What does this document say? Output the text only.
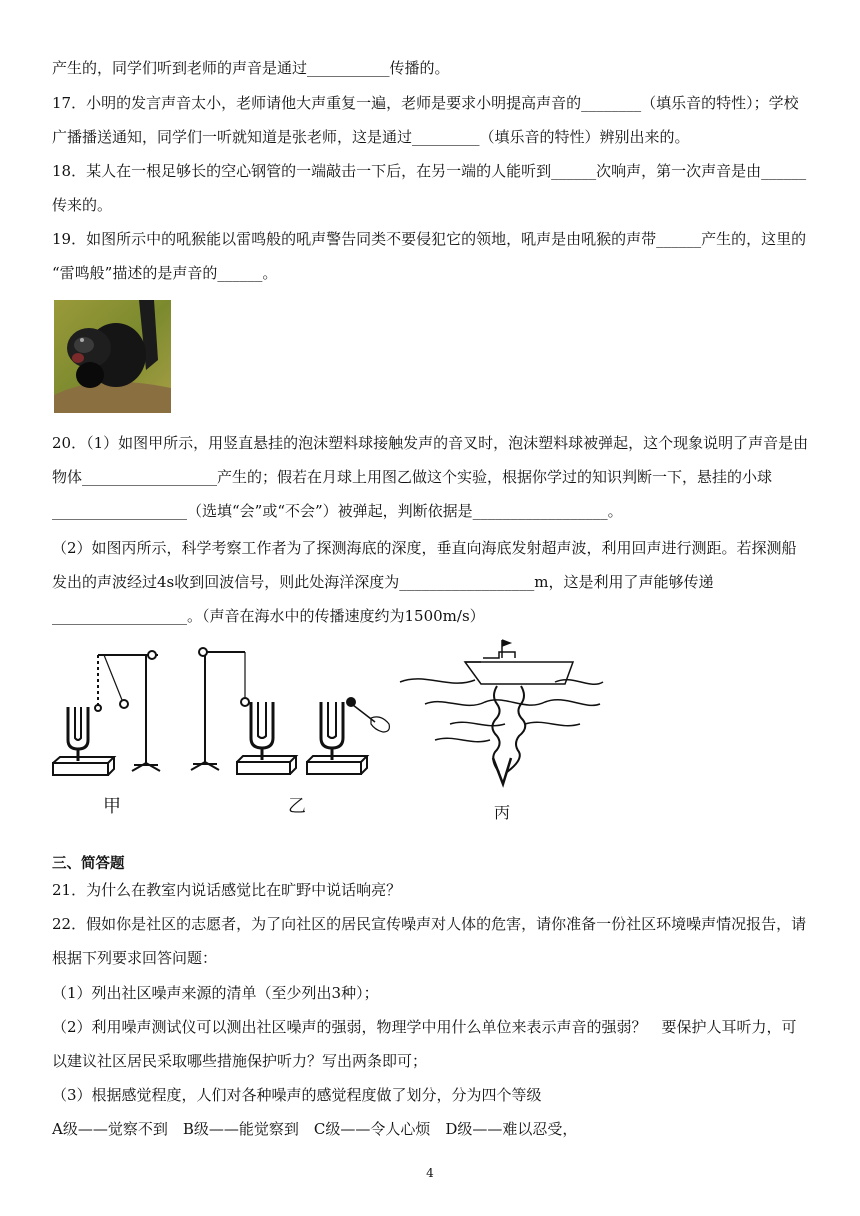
产生的，同学们听到老师的声音是通过___________传播的。
17．小明的发言声音太小，老师请他大声重复一遍，老师是要求小明提高声音的________（填乐音的特性）；学校
广播播送通知，同学们一听就知道是张老师，这是通过_________（填乐音的特性）辨别出来的。
18．某人在一根足够长的空心钢管的一端敲击一下后，在另一端的人能听到______次响声，第一次声音是由______
传来的。
19．如图所示中的吼猴能以雷鸣般的吼声警告同类不要侵犯它的领地，吼声是由吼猴的声带______产生的，这里的
“雷鸣般”描述的是声音的______。
20．（1）如图甲所示，用竖直悬挂的泡沫塑料球接触发声的音叉时，泡沫塑料球被弹起，这个现象说明了声音是由
物体__________________产生的；假若在月球上用图乙做这个实验，根据你学过的知识判断一下，悬挂的小球
__________________（选填“会”或“不会”）被弹起，判断依据是__________________。
（2）如图丙所示，科学考察工作者为了探测海底的深度，垂直向海底发射超声波，利用回声进行测距。若探测船
发出的声波经过4s收到回波信号，则此处海洋深度为__________________m，这是利用了声能够传递
__________________。（声音在海水中的传播速度约为1500m/s）
甲	乙	丙
三、简答题
21．为什么在教室内说话感觉比在旷野中说话响亮？
22．假如你是社区的志愿者，为了向社区的居民宣传噪声对人体的危害，请你准备一份社区环境噪声情况报告，请
根据下列要求回答问题：
（1）列出社区噪声来源的清单（至少列出3种）；
（2）利用噪声测试仪可以测出社区噪声的强弱，物理学中用什么单位来表示声音的强弱？　要保护人耳听力，可
以建议社区居民采取哪些措施保护听力？写出两条即可；
（3）根据感觉程度，人们对各种噪声的感觉程度做了划分，分为四个等级
A级——觉察不到　B级——能觉察到　C级——令人心烦　D级——难以忍受，
4
